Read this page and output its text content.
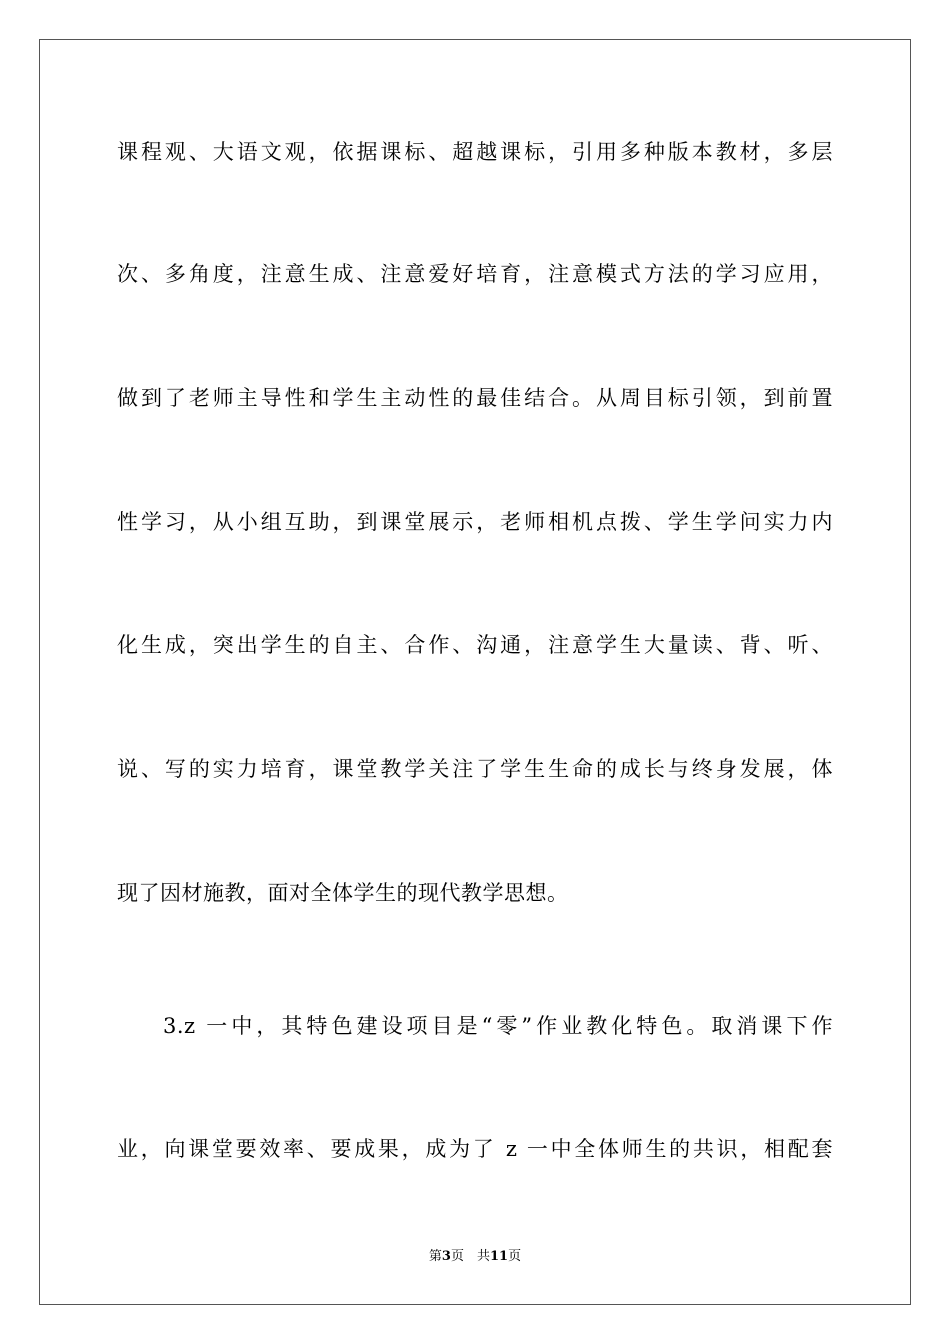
课程观、大语文观，依据课标、超越课标，引用多种版本教材，多层
次、多角度，注意生成、注意爱好培育，注意模式方法的学习应用，
做到了老师主导性和学生主动性的最佳结合。从周目标引领，到前置
性学习，从小组互助，到课堂展示，老师相机点拨、学生学问实力内
化生成，突出学生的自主、合作、沟通，注意学生大量读、背、听、
说、写的实力培育，课堂教学关注了学生生命的成长与终身发展，体
现了因材施教，面对全体学生的现代教学思想。
3.z 一中，其特色建设项目是“零”作业教化特色。取消课下作
业，向课堂要效率、要成果，成为了 z 一中全体师生的共识，相配套
第3页　共11页
